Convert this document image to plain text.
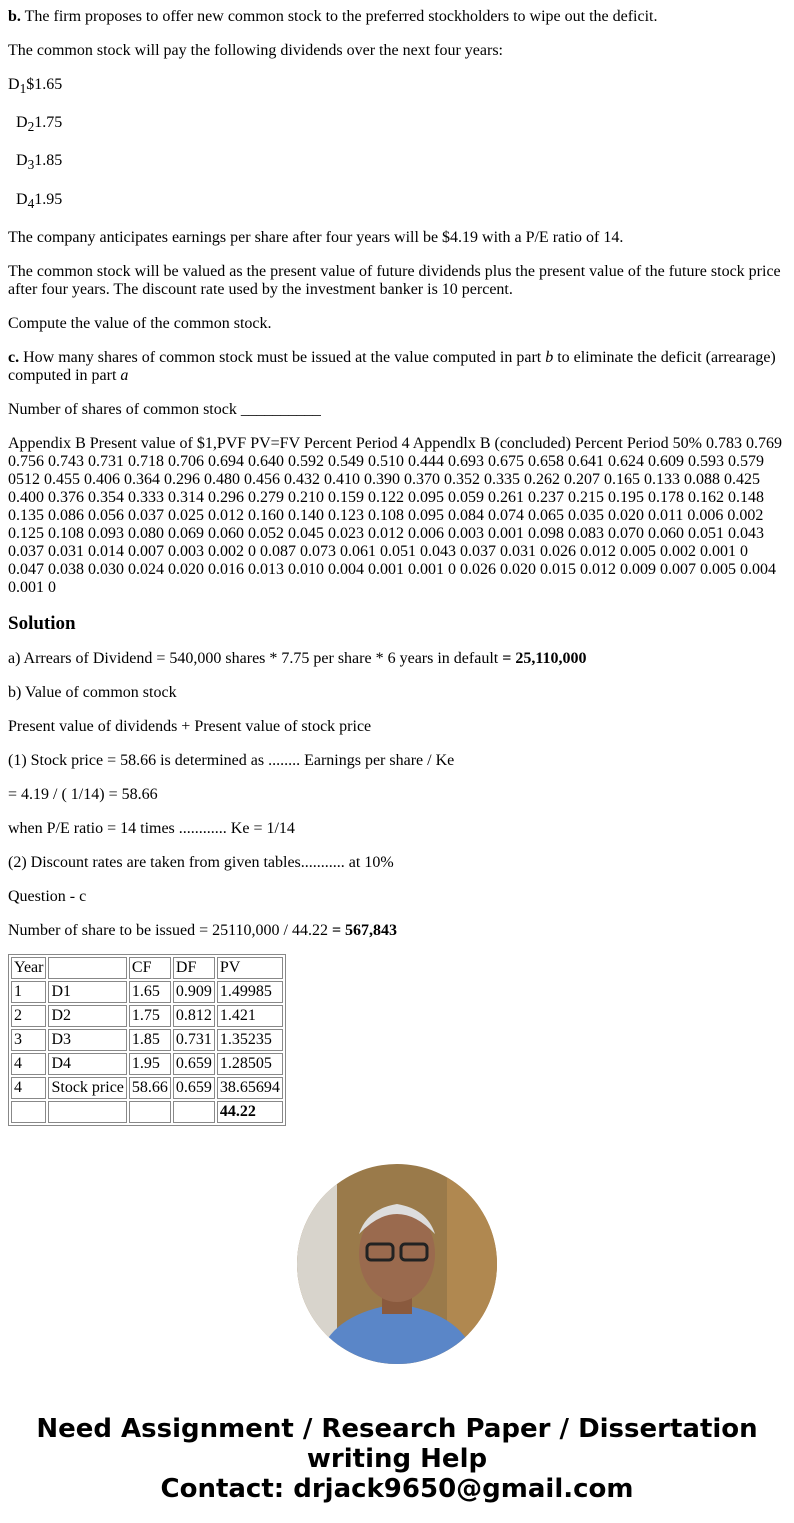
b. The firm proposes to offer new common stock to the preferred stockholders to wipe out the deficit.

The common stock will pay the following dividends over the next four years:

$D_1\$1.65$

$D_21.75$

$D_31.85$

$D_41.95$

The company anticipates earnings per share after four years will be $4.19 with a P/E ratio of 14.

The common stock will be valued as the present value of future dividends plus the present value of the future stock price after four years. The discount rate used by the investment banker is 10 percent.

Compute the value of the common stock.

c. How many shares of common stock must be issued at the value computed in part b to eliminate the deficit (arrearage) computed in part a

Number of shares of common stock __________

Appendix B Present value of $1,PVF PV=FV Percent Period 4 Appendlx B (concluded) Percent Period 50% 0.783 0.769 0.756 0.743 0.731 0.718 0.706 0.694 0.640 0.592 0.549 0.510 0.444 0.693 0.675 0.658 0.641 0.624 0.609 0.593 0.579 0512 0.455 0.406 0.364 0.296 0.480 0.456 0.432 0.410 0.390 0.370 0.352 0.335 0.262 0.207 0.165 0.133 0.088 0.425 0.400 0.376 0.354 0.333 0.314 0.296 0.279 0.210 0.159 0.122 0.095 0.059 0.261 0.237 0.215 0.195 0.178 0.162 0.148 0.135 0.086 0.056 0.037 0.025 0.012 0.160 0.140 0.123 0.108 0.095 0.084 0.074 0.065 0.035 0.020 0.011 0.006 0.002 0.125 0.108 0.093 0.080 0.069 0.060 0.052 0.045 0.023 0.012 0.006 0.003 0.001 0.098 0.083 0.070 0.060 0.051 0.043 0.037 0.031 0.014 0.007 0.003 0.002 0 0.087 0.073 0.061 0.051 0.043 0.037 0.031 0.026 0.012 0.005 0.002 0.001 0 0.047 0.038 0.030 0.024 0.020 0.016 0.013 0.010 0.004 0.001 0.001 0 0.026 0.020 0.015 0.012 0.009 0.007 0.005 0.004 0.001 0

Solution

a) Arrears of Dividend = 540,000 shares * 7.75 per share * 6 years in default = 25,110,000

b) Value of common stock

Present value of dividends + Present value of stock price

(1) Stock price = 58.66 is determined as ........ Earnings per share / Ke

= 4.19 / ( 1/14) = 58.66

when P/E ratio = 14 times ............ Ke = 1/14

(2) Discount rates are taken from given tables........... at 10%

Question - c

Number of share to be issued = 25110,000 / 44.22 = 567,843

Year		CF	DF	PV
1	D1	1.65	0.909	1.49985
2	D2	1.75	0.812	1.421
3	D3	1.85	0.731	1.35235
4	D4	1.95	0.659	1.28505
4	Stock price	58.66	0.659	38.65694
				44.22
Need Assignment / Research Paper / Dissertation writing Help
Contact: drjack9650@gmail.com
